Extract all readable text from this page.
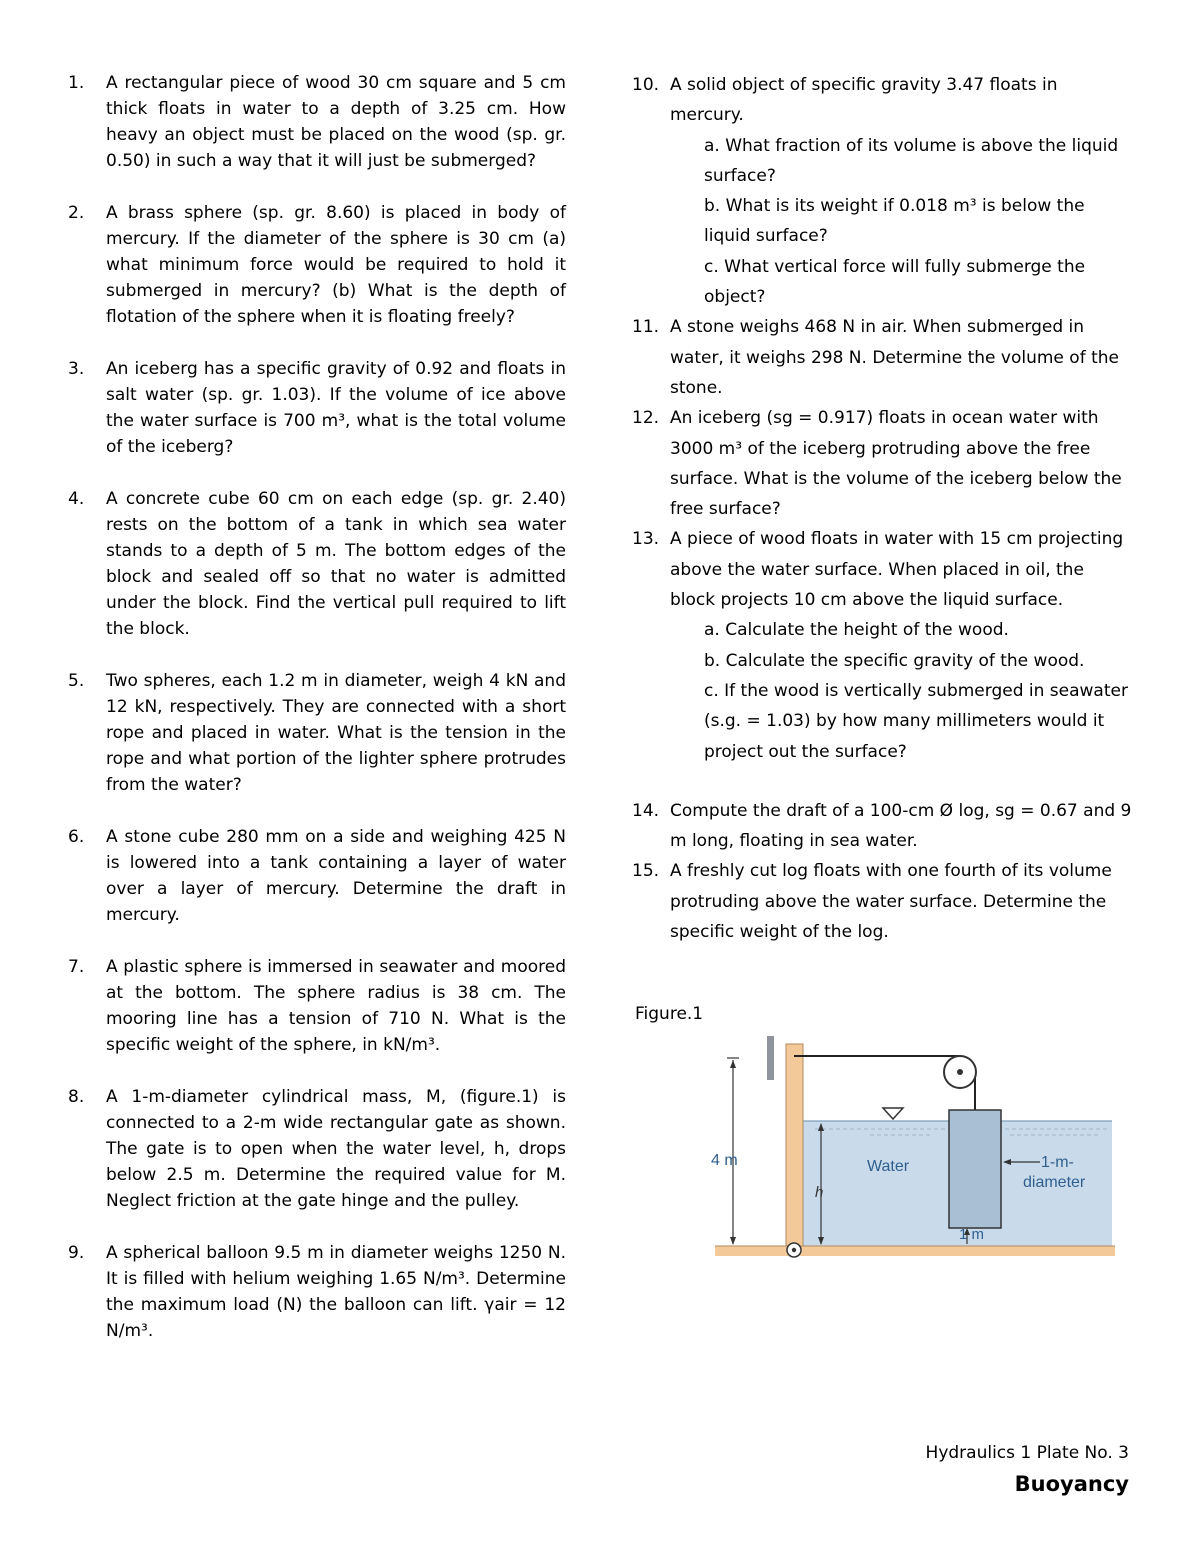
1.	A rectangular piece of wood 30 cm square and 5 cm thick floats in water to a depth of 3.25 cm. How heavy an object must be placed on the wood (sp. gr. 0.50) in such a way that it will just be submerged?
2.	A brass sphere (sp. gr. 8.60) is placed in body of mercury. If the diameter of the sphere is 30 cm (a) what minimum force would be required to hold it submerged in mercury? (b) What is the depth of flotation of the sphere when it is floating freely?
3.	An iceberg has a specific gravity of 0.92 and floats in salt water (sp. gr. 1.03). If the volume of ice above the water surface is 700 m³, what is the total volume of the iceberg?
4.	A concrete cube 60 cm on each edge (sp. gr. 2.40) rests on the bottom of a tank in which sea water stands to a depth of 5 m. The bottom edges of the block and sealed off so that no water is admitted under the block. Find the vertical pull required to lift the block.
5.	Two spheres, each 1.2 m in diameter, weigh 4 kN and 12 kN, respectively. They are connected with a short rope and placed in water. What is the tension in the rope and what portion of the lighter sphere protrudes from the water?
6.	A stone cube 280 mm on a side and weighing 425 N is lowered into a tank containing a layer of water over a layer of mercury. Determine the draft in mercury.
7.	A plastic sphere is immersed in seawater and moored at the bottom. The sphere radius is 38 cm. The mooring line has a tension of 710 N. What is the specific weight of the sphere, in kN/m³.
8.	A 1-m-diameter cylindrical mass, M, (figure.1) is connected to a 2-m wide rectangular gate as shown. The gate is to open when the water level, h, drops below 2.5 m. Determine the required value for M. Neglect friction at the gate hinge and the pulley.
9.	A spherical balloon 9.5 m in diameter weighs 1250 N. It is filled with helium weighing 1.65 N/m³. Determine the maximum load (N) the balloon can lift. γair = 12 N/m³.
10. A solid object of specific gravity 3.47 floats in mercury.
a. What fraction of its volume is above the liquid surface?
b. What is its weight if 0.018 m³ is below the liquid surface?
c. What vertical force will fully submerge the object?
11. A stone weighs 468 N in air. When submerged in water, it weighs 298 N. Determine the volume of the stone.
12. An iceberg (sg = 0.917) floats in ocean water with 3000 m³ of the iceberg protruding above the free surface. What is the volume of the iceberg below the free surface?
13. A piece of wood floats in water with 15 cm projecting above the water surface. When placed in oil, the block projects 10 cm above the liquid surface.
a. Calculate the height of the wood.
b. Calculate the specific gravity of the wood.
c. If the wood is vertically submerged in seawater (s.g. = 1.03) by how many millimeters would it project out the surface?
14. Compute the draft of a 100-cm Ø log, sg = 0.67 and 9 m long, floating in sea water.
15. A freshly cut log floats with one fourth of its volume protruding above the water surface. Determine the specific weight of the log.
Figure.1
4 m	Water
h
1-m-
diameter
1 m
Hydraulics 1 Plate No. 3
Buoyancy
